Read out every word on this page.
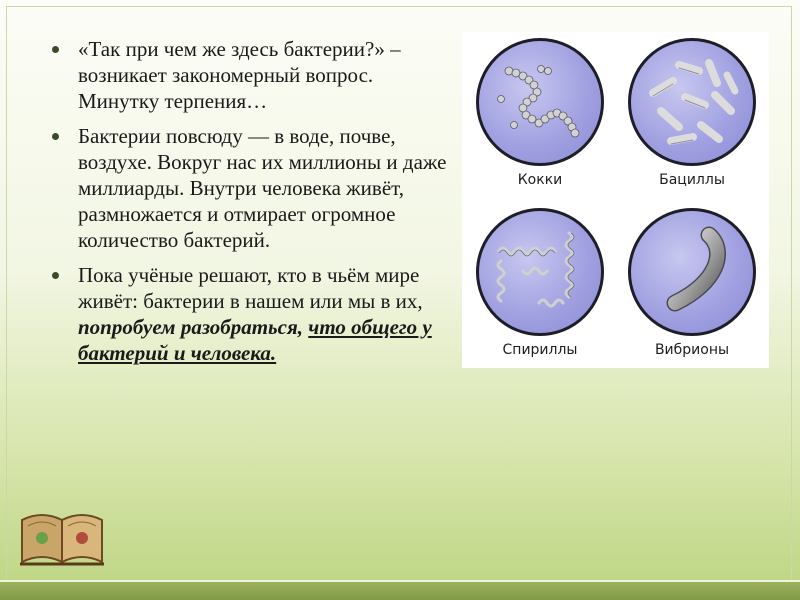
«Так при чем же здесь бактерии?» – возникает закономерный вопрос. Минутку терпения…

Бактерии повсюду — в воде, почве, воздухе. Вокруг нас их миллионы и даже миллиарды. Внутри человека живёт, размножается и отмирает огромное количество бактерий.

Пока учёные решают, кто в чьём мире живёт: бактерии в нашем или мы в их, попробуем разобраться, что общего у бактерий и человека.

Кокки	Бациллы
Спириллы	Вибрионы
